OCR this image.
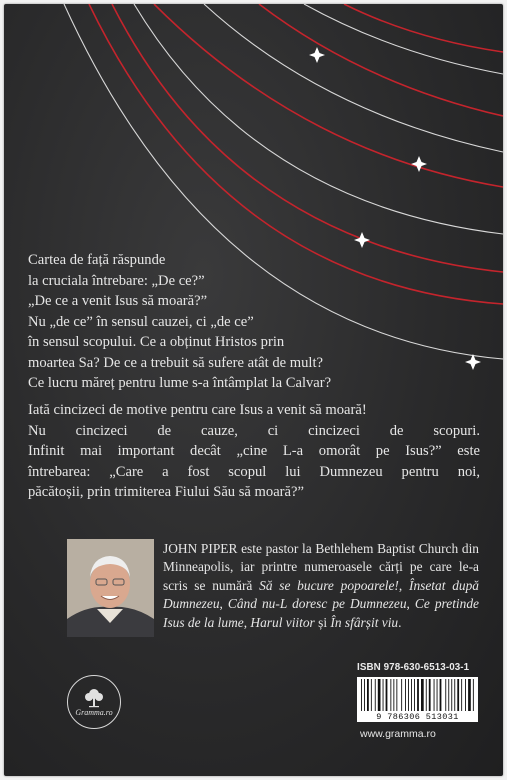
Cartea de față răspunde
la cruciala întrebare: „De ce?”
„De ce a venit Isus să moară?”
Nu „de ce” în sensul cauzei, ci „de ce”
în sensul scopului. Ce a obținut Hristos prin
moartea Sa? De ce a trebuit să sufere atât de mult?
Ce lucru măreț pentru lume s-a întâmplat la Calvar?
Iată cincizeci de motive pentru care Isus a venit să moară!
Nu cincizeci de cauze, ci cincizeci de scopuri.
Infinit mai important decât „cine L-a omorât pe Isus?” este
întrebarea: „Care a fost scopul lui Dumnezeu pentru noi,
păcătoșii, prin trimiterea Fiului Său să moară?”
JOHN PIPER este pastor la Bethlehem Baptist Church din Minneapolis, iar printre numeroasele cărți pe care le-a scris se numără Să se bucure popoarele!, Însetat după Dumnezeu, Când nu-L doresc pe Dumnezeu, Ce pretinde Isus de la lume, Harul viitor și În sfârșit viu.
Gramma.ro
ISBN 978-630-6513-03-1
9 786306 513031
www.gramma.ro
